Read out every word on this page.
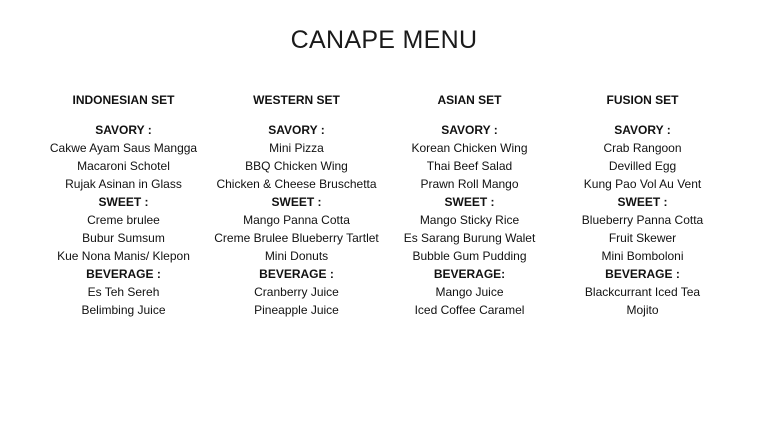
CANAPE MENU
INDONESIAN SET
SAVORY :
Cakwe Ayam Saus Mangga
Macaroni Schotel
Rujak Asinan in Glass
SWEET :
Creme brulee
Bubur Sumsum
Kue Nona Manis/ Klepon
BEVERAGE :
Es Teh Sereh
Belimbing Juice
WESTERN SET
SAVORY :
Mini Pizza
BBQ Chicken Wing
Chicken & Cheese Bruschetta
SWEET :
Mango Panna Cotta
Creme Brulee Blueberry Tartlet
Mini Donuts
BEVERAGE :
Cranberry Juice
Pineapple Juice
ASIAN SET
SAVORY :
Korean Chicken Wing
Thai Beef Salad
Prawn Roll Mango
SWEET :
Mango Sticky Rice
Es Sarang Burung Walet
Bubble Gum Pudding
BEVERAGE:
Mango Juice
Iced Coffee Caramel
FUSION SET
SAVORY :
Crab Rangoon
Devilled Egg
Kung Pao Vol Au Vent
SWEET :
Blueberry Panna Cotta
Fruit Skewer
Mini Bomboloni
BEVERAGE :
Blackcurrant Iced Tea
Mojito
